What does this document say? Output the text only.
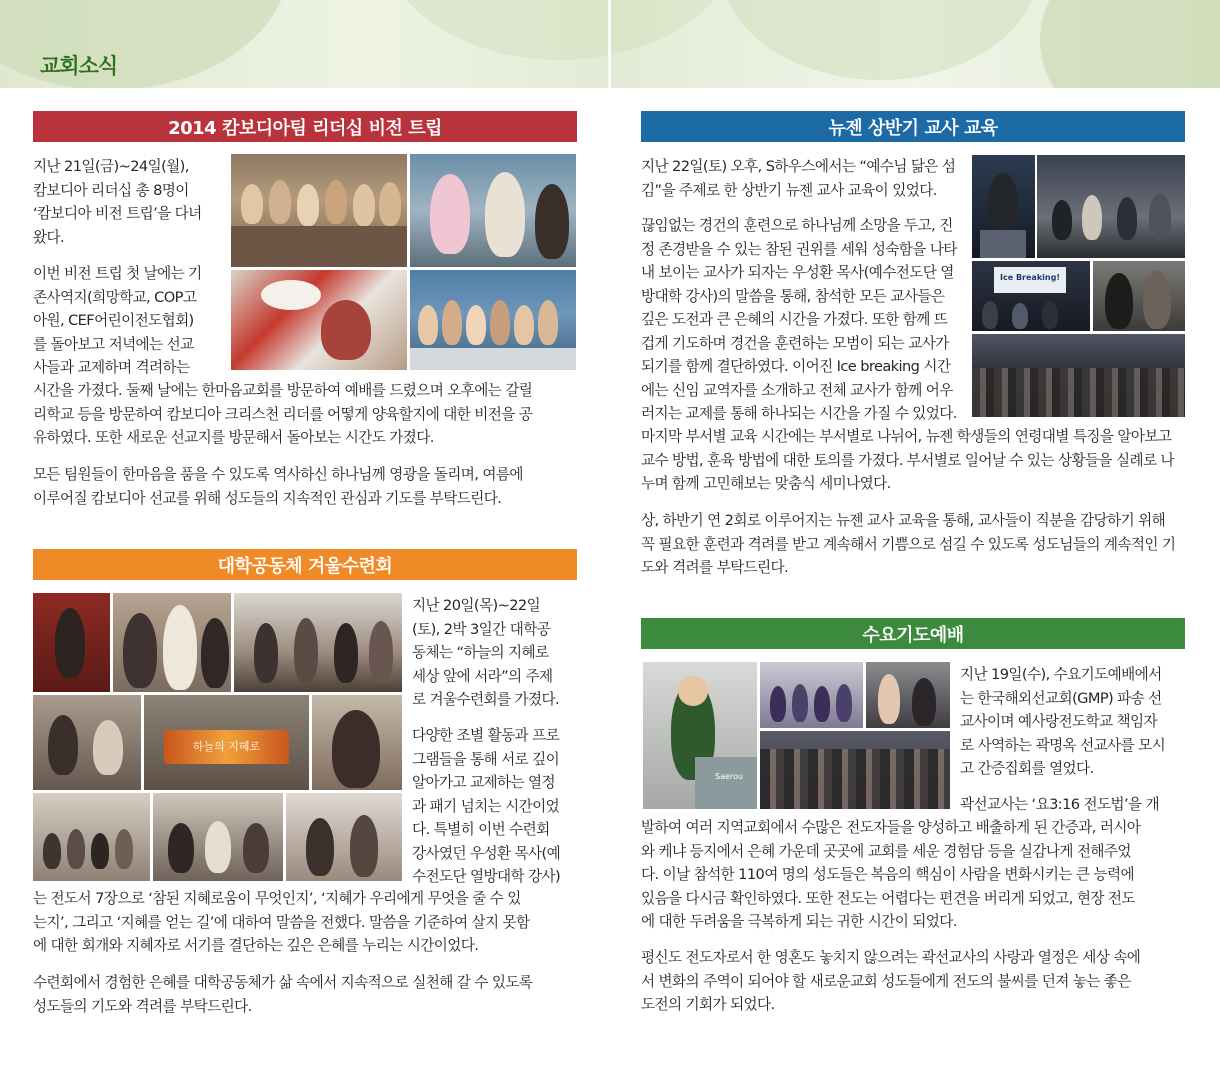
교회소식
2014 캄보디아팀 리더십 비전 트립
지난 21일(금)~24일(월),
캄보디아 리더십 총 8명이
‘캄보디아 비전 트립’을 다녀
왔다.
이번 비전 트립 첫 날에는 기
존사역지(희망학교, COP고
아원, CEF어린이전도협회)
를 돌아보고 저녁에는 선교
사들과 교제하며 격려하는
시간을 가졌다. 둘째 날에는 한마음교회를 방문하여 예배를 드렸으며 오후에는 갈릴
리학교 등을 방문하여 캄보디아 크리스천 리더를 어떻게 양육할지에 대한 비전을 공
유하였다. 또한 새로운 선교지를 방문해서 돌아보는 시간도 가졌다.
모든 팀원들이 한마음을 품을 수 있도록 역사하신 하나님께 영광을 돌리며, 여름에
이루어질 캄보디아 선교를 위해 성도들의 지속적인 관심과 기도를 부탁드린다.
대학공동체 겨울수련회
하늘의 지혜로
지난 20일(목)~22일
(토), 2박 3일간 대학공
동체는 “하늘의 지혜로
세상 앞에 서라”의 주제
로 겨울수련회를 가졌다.
다양한 조별 활동과 프로
그램들을 통해 서로 깊이
알아가고 교제하는 열정
과 패기 넘치는 시간이었
다. 특별히 이번 수련회
강사였던 우성환 목사(예
수전도단 열방대학 강사)
는 전도서 7장으로 ‘참된 지혜로움이 무엇인지’, ‘지혜가 우리에게 무엇을 줄 수 있
는지’, 그리고 ‘지혜를 얻는 길’에 대하여 말씀을 전했다. 말씀을 기준하여 살지 못함
에 대한 회개와 지혜자로 서기를 결단하는 깊은 은혜를 누리는 시간이었다.
수련회에서 경험한 은혜를 대학공동체가 삶 속에서 지속적으로 실천해 갈 수 있도록
성도들의 기도와 격려를 부탁드린다.
뉴젠 상반기 교사 교육
지난 22일(토) 오후, S하우스에서는 “예수님 닮은 섬
김”을 주제로 한 상반기 뉴젠 교사 교육이 있었다.
끊임없는 경건의 훈련으로 하나님께 소망을 두고, 진
정 존경받을 수 있는 참된 권위를 세워 성숙함을 나타
내 보이는 교사가 되자는 우성환 목사(예수전도단 열
방대학 강사)의 말씀을 통해, 참석한 모든 교사들은
깊은 도전과 큰 은혜의 시간을 가졌다. 또한 함께 뜨
겁게 기도하며 경건을 훈련하는 모범이 되는 교사가
되기를 함께 결단하였다. 이어진 Ice breaking 시간
에는 신임 교역자를 소개하고 전체 교사가 함께 어우
러지는 교제를 통해 하나되는 시간을 가질 수 있었다.
마지막 부서별 교육 시간에는 부서별로 나뉘어, 뉴젠 학생들의 연령대별 특징을 알아보고
교수 방법, 훈육 방법에 대한 토의를 가졌다. 부서별로 일어날 수 있는 상황들을 실례로 나
누며 함께 고민해보는 맞춤식 세미나였다.
상, 하반기 연 2회로 이루어지는 뉴젠 교사 교육을 통해, 교사들이 직분을 감당하기 위해
꼭 필요한 훈련과 격려를 받고 계속해서 기쁨으로 섬길 수 있도록 성도님들의 계속적인 기
도와 격려를 부탁드린다.
Ice Breaking!
수요기도예배
Saerou
지난 19일(수), 수요기도예배에서
는 한국해외선교회(GMP) 파송 선
교사이며 예사랑전도학교 책임자
로 사역하는 곽명옥 선교사를 모시
고 간증집회를 열었다.
곽선교사는 ‘요3:16 전도법’을 개
발하여 여러 지역교회에서 수많은 전도자들을 양성하고 배출하게 된 간증과, 러시아
와 케냐 등지에서 은혜 가운데 곳곳에 교회를 세운 경험담 등을 실감나게 전해주었
다. 이날 참석한 110여 명의 성도들은 복음의 핵심이 사람을 변화시키는 큰 능력에
있음을 다시금 확인하였다. 또한 전도는 어렵다는 편견을 버리게 되었고, 현장 전도
에 대한 두려움을 극복하게 되는 귀한 시간이 되었다.
평신도 전도자로서 한 영혼도 놓치지 않으려는 곽선교사의 사랑과 열정은 세상 속에
서 변화의 주역이 되어야 할 새로운교회 성도들에게 전도의 불씨를 던져 놓는 좋은
도전의 기회가 되었다.
